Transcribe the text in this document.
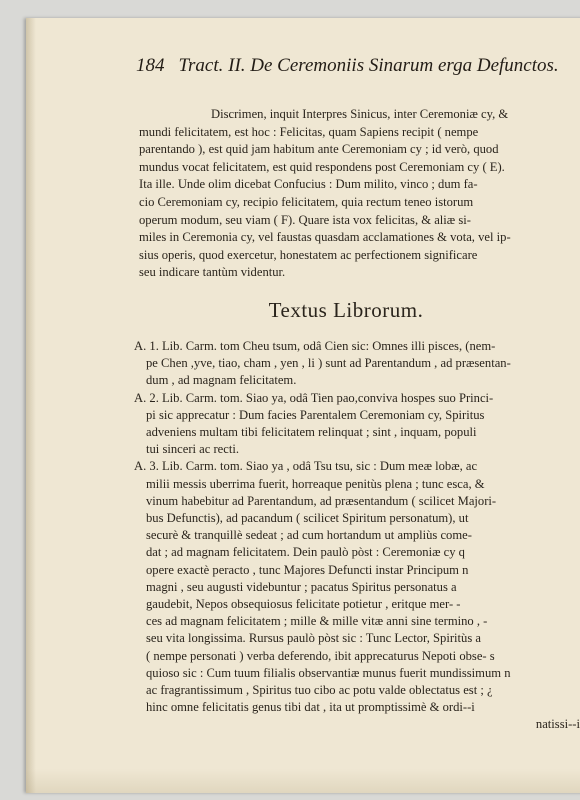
184 Tract. II. De Ceremoniis Sinarum erga Defunctos.
Discrimen, inquit Interpres Sinicus, inter Ceremoniæ cy, &
mundi felicitatem, est hoc : Felicitas, quam Sapiens recipit ( nempe
parentando ), est quid jam habitum ante Ceremoniam cy ; id verò, quod
mundus vocat felicitatem, est quid respondens post Ceremoniam cy ( E).
Ita ille. Unde olim dicebat Confucius : Dum milito, vinco ; dum fa-
cio Ceremoniam cy, recipio felicitatem, quia rectum teneo istorum
operum modum, seu viam ( F). Quare ista vox felicitas, & aliæ si-
miles in Ceremonia cy, vel faustas quasdam acclamationes & vota, vel ip-
sius operis, quod exercetur, honestatem ac perfectionem significare
seu indicare tantùm videntur.
Textus Librorum.
A. 1. Lib. Carm. tom Cheu tsum, odâ Cien sic: Omnes illi pisces, (nem-
pe Chen ,yve, tiao, cham , yen , li ) sunt ad Parentandum , ad præsentan-
dum , ad magnam felicitatem.
A. 2. Lib. Carm. tom. Siao ya, odâ Tien pao,conviva hospes suo Princi-
pi sic apprecatur : Dum facies Parentalem Ceremoniam cy, Spiritus
adveniens multam tibi felicitatem relinquat ; sint , inquam, populi
tui sinceri ac recti.
A. 3. Lib. Carm. tom. Siao ya , odâ Tsu tsu, sic : Dum meæ lobæ, ac
milii messis uberrima fuerit, horreaque penitùs plena ; tunc esca, &
vinum habebitur ad Parentandum, ad præsentandum ( scilicet Majori-
bus Defunctis), ad pacandum ( scilicet Spiritum personatum), ut
securè & tranquillè sedeat ; ad cum hortandum ut ampliùs come-
dat ; ad magnam felicitatem. Dein paulò pòst : Ceremoniæ cy q
opere exactè peracto , tunc Majores Defuncti instar Principum n
magni , seu augusti videbuntur ; pacatus Spiritus personatus a
gaudebit, Nepos obsequiosus felicitate potietur , eritque mer- -
ces ad magnam felicitatem ; mille & mille vitæ anni sine termino , -
seu vita longissima. Rursus paulò pòst sic : Tunc Lector, Spiritùs a
( nempe personati ) verba deferendo, ibit apprecaturus Nepoti obse- s
quioso sic : Cum tuum filialis observantiæ munus fuerit mundissimum n
ac fragrantissimum , Spiritus tuo cibo ac potu valde oblectatus est ; ¿
hinc omne felicitatis genus tibi dat , ita ut promptissimè & ordi--i
natissi--i
